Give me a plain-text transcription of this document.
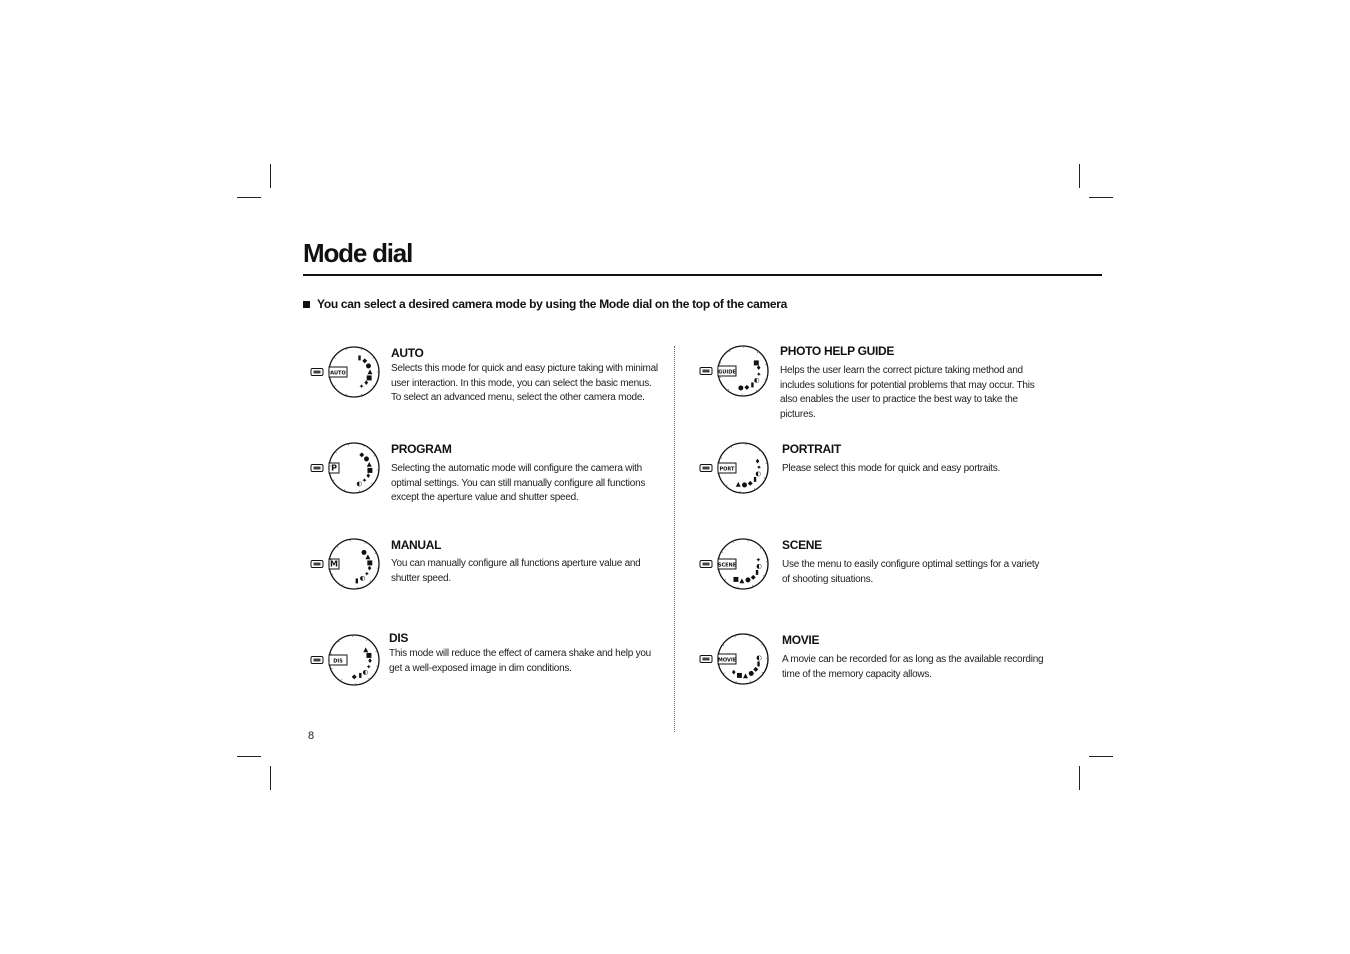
Mode dial
You can select a desired camera mode by using the Mode dial on the top of the camera
AUTO
▮ ◆
●
▲
■
♦
✦
P
◆ ●
▲
■
♦
✦
◐
M
●
▲
■
♦
✦
◐
▮
DIS
▲
■
♦
✦
◐
▮
◆
GUIDE
■
♦
✦
◐
▮
◆
●
PORT
♦
✦
◐
▮
◆
●
▲
SCENE
✦
◐
▮
◆
●
▲
■
MOVIE	◐
▮
◆
●
▲
■
♦
AUTO

Selects this mode for quick and easy picture taking with minimal user interaction. In this mode, you can select the basic menus. To select an advanced menu, select the other camera mode.

PROGRAM

Selecting the automatic mode will configure the camera with optimal settings. You can still manually configure all functions except the aperture value and shutter speed.

MANUAL

You can manually configure all functions aperture value and shutter speed.

DIS

This mode will reduce the effect of camera shake and help you get a well-exposed image in dim conditions.

PHOTO HELP GUIDE

Helps the user learn the correct picture taking method and includes solutions for potential problems that may occur. This also enables the user to practice the best way to take the pictures.

PORTRAIT

Please select this mode for quick and easy portraits.

SCENE

Use the menu to easily configure optimal settings for a variety of shooting situations.

MOVIE

A movie can be recorded for as long as the available recording time of the memory capacity allows.

8
